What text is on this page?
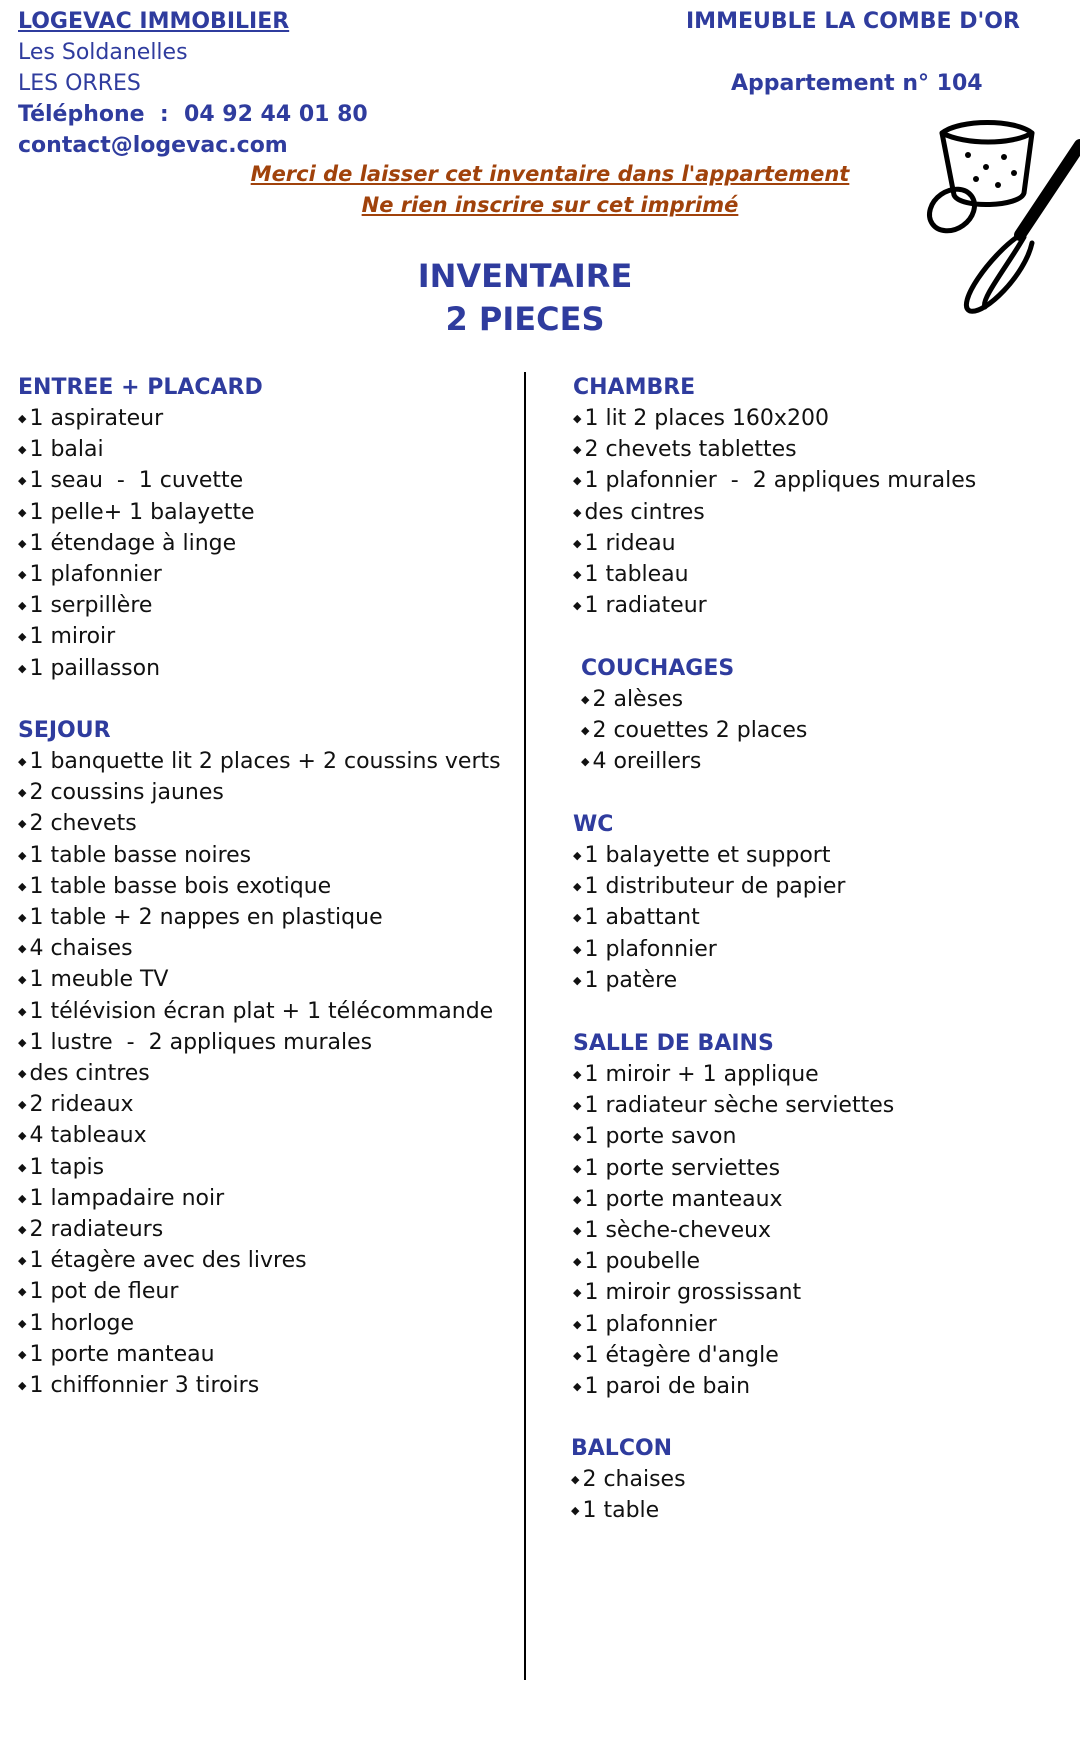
LOGEVAC IMMOBILIER
Les Soldanelles
LES ORRES
Téléphone  :  04 92 44 01 80
contact@logevac.com
IMMEUBLE LA COMBE D'OR
Appartement n° 104
Merci de laisser cet inventaire dans l'appartement
Ne rien inscrire sur cet imprimé
INVENTAIRE
2 PIECES
ENTREE + PLACARD
◆ 1 aspirateur
◆ 1 balai
◆ 1 seau  -  1 cuvette
◆ 1 pelle+ 1 balayette
◆ 1 étendage à linge
◆ 1 plafonnier
◆ 1 serpillère
◆ 1 miroir
◆ 1 paillasson
SEJOUR
◆ 1 banquette lit 2 places + 2 coussins verts
◆ 2 coussins jaunes
◆ 2 chevets
◆ 1 table basse noires
◆ 1 table basse bois exotique
◆ 1 table + 2 nappes en plastique
◆ 4 chaises
◆ 1 meuble TV
◆ 1 télévision écran plat + 1 télécommande
◆ 1 lustre  -  2 appliques murales
◆ des cintres
◆ 2 rideaux
◆ 4 tableaux
◆ 1 tapis
◆ 1 lampadaire noir
◆ 2 radiateurs
◆ 1 étagère avec des livres
◆ 1 pot de fleur
◆ 1 horloge
◆ 1 porte manteau
◆ 1 chiffonnier 3 tiroirs
CHAMBRE
◆ 1 lit 2 places 160x200
◆ 2 chevets tablettes
◆ 1 plafonnier  -  2 appliques murales
◆ des cintres
◆ 1 rideau
◆ 1 tableau
◆ 1 radiateur
COUCHAGES
◆ 2 alèses
◆ 2 couettes 2 places
◆ 4 oreillers
WC
◆ 1 balayette et support
◆ 1 distributeur de papier
◆ 1 abattant
◆ 1 plafonnier
◆ 1 patère
SALLE DE BAINS
◆ 1 miroir + 1 applique
◆ 1 radiateur sèche serviettes
◆ 1 porte savon
◆ 1 porte serviettes
◆ 1 porte manteaux
◆ 1 sèche-cheveux
◆ 1 poubelle
◆ 1 miroir grossissant
◆ 1 plafonnier
◆ 1 étagère d'angle
◆ 1 paroi de bain
BALCON
◆ 2 chaises
◆ 1 table
